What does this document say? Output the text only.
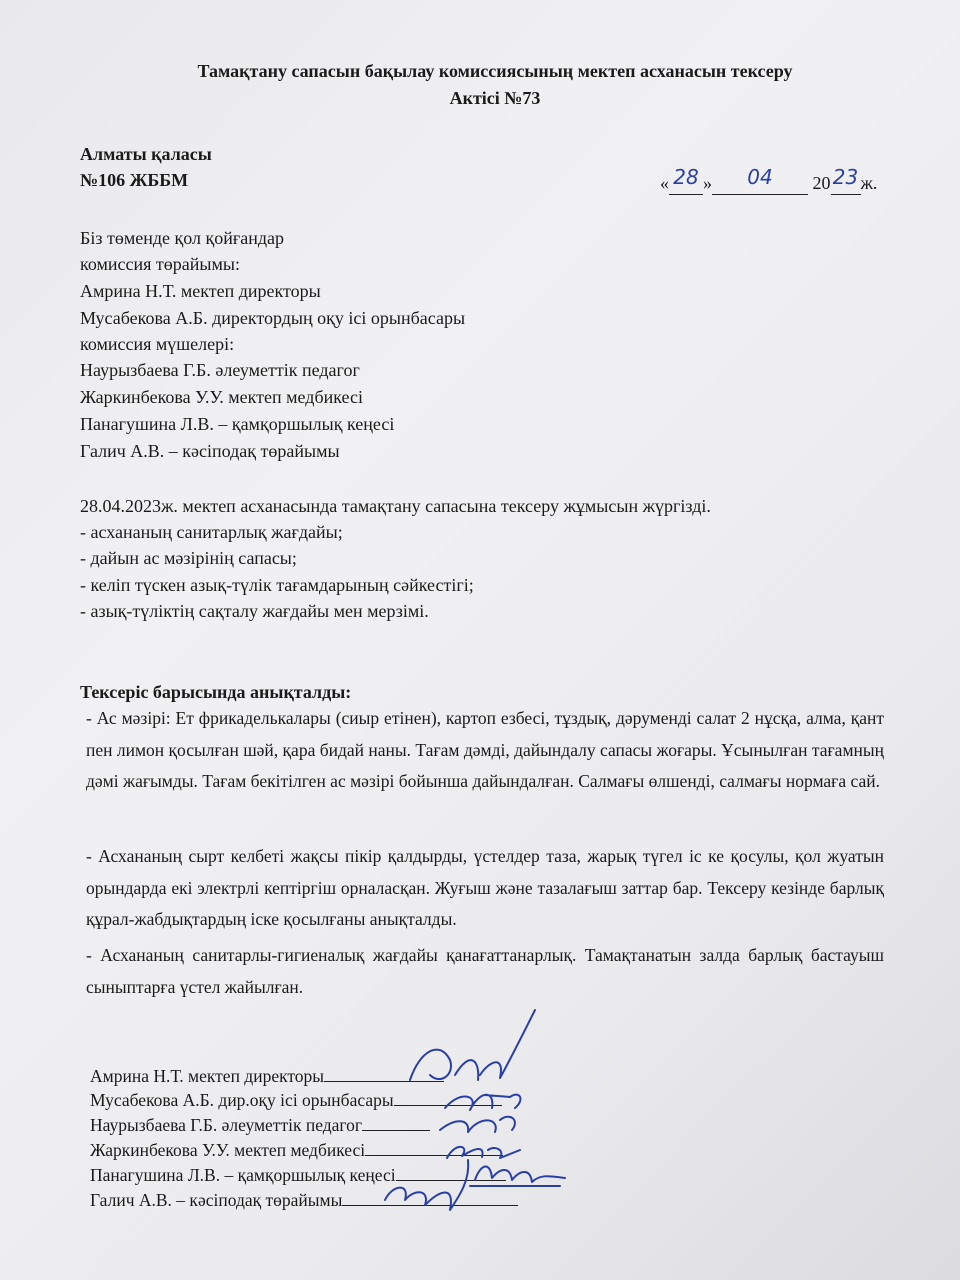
Тамақтану сапасын бақылау комиссиясының мектеп асханасын тексеру
Актісі №73
Алматы қаласы
№106 ЖББМ	« 28 » 04 20 23 ж.
Біз төменде қол қойғандар
комиссия төрайымы:
Амрина Н.Т. мектеп директоры
Мусабекова А.Б. директордың оқу ісі орынбасары
комиссия мүшелері:
Наурызбаева Г.Б. әлеуметтік педагог
Жаркинбекова У.У. мектеп медбикесі
Панагушина Л.В. – қамқоршылық кеңесі
Галич А.В. – кәсіподақ төрайымы
28.04.2023ж. мектеп асханасында тамақтану сапасына тексеру жұмысын жүргізді.
- асхананың санитарлық жағдайы;
- дайын ас мәзірінің сапасы;
- келіп түскен азық-түлік тағамдарының сәйкестігі;
- азық-түліктің сақталу жағдайы мен мерзімі.
Тексеріс барысында анықталды:
- Ас мәзірі: Ет фрикаделькалары (сиыр етінен), картоп езбесі, тұздық, дәруменді салат 2 нұсқа, алма, қант пен лимон қосылған шәй, қара бидай наны. Тағам дәмді, дайындалу сапасы жоғары. Ұсынылған тағамның дәмі жағымды. Тағам бекітілген ас мәзірі бойынша дайындалған. Салмағы өлшенді, салмағы нормаға сай.
- Асхананың сырт келбеті жақсы пікір қалдырды, үстелдер таза, жарық түгел іс ке қосулы, қол жуатын орындарда екі электрлі кептіргіш орналасқан. Жуғыш және тазалағыш заттар бар. Тексеру кезінде барлық құрал-жабдықтардың іске қосылғаны анықталды.
- Асхананың санитарлы-гигиеналық жағдайы қанағаттанарлық. Тамақтанатын залда барлық бастауыш сыныптарға үстел жайылған.
Амрина Н.Т. мектеп директоры
Мусабекова А.Б. дир.оқу ісі орынбасары
Наурызбаева Г.Б. әлеуметтік педагог
Жаркинбекова У.У. мектеп медбикесі
Панагушина Л.В. – қамқоршылық кеңесі
Галич А.В. – кәсіподақ төрайымы
